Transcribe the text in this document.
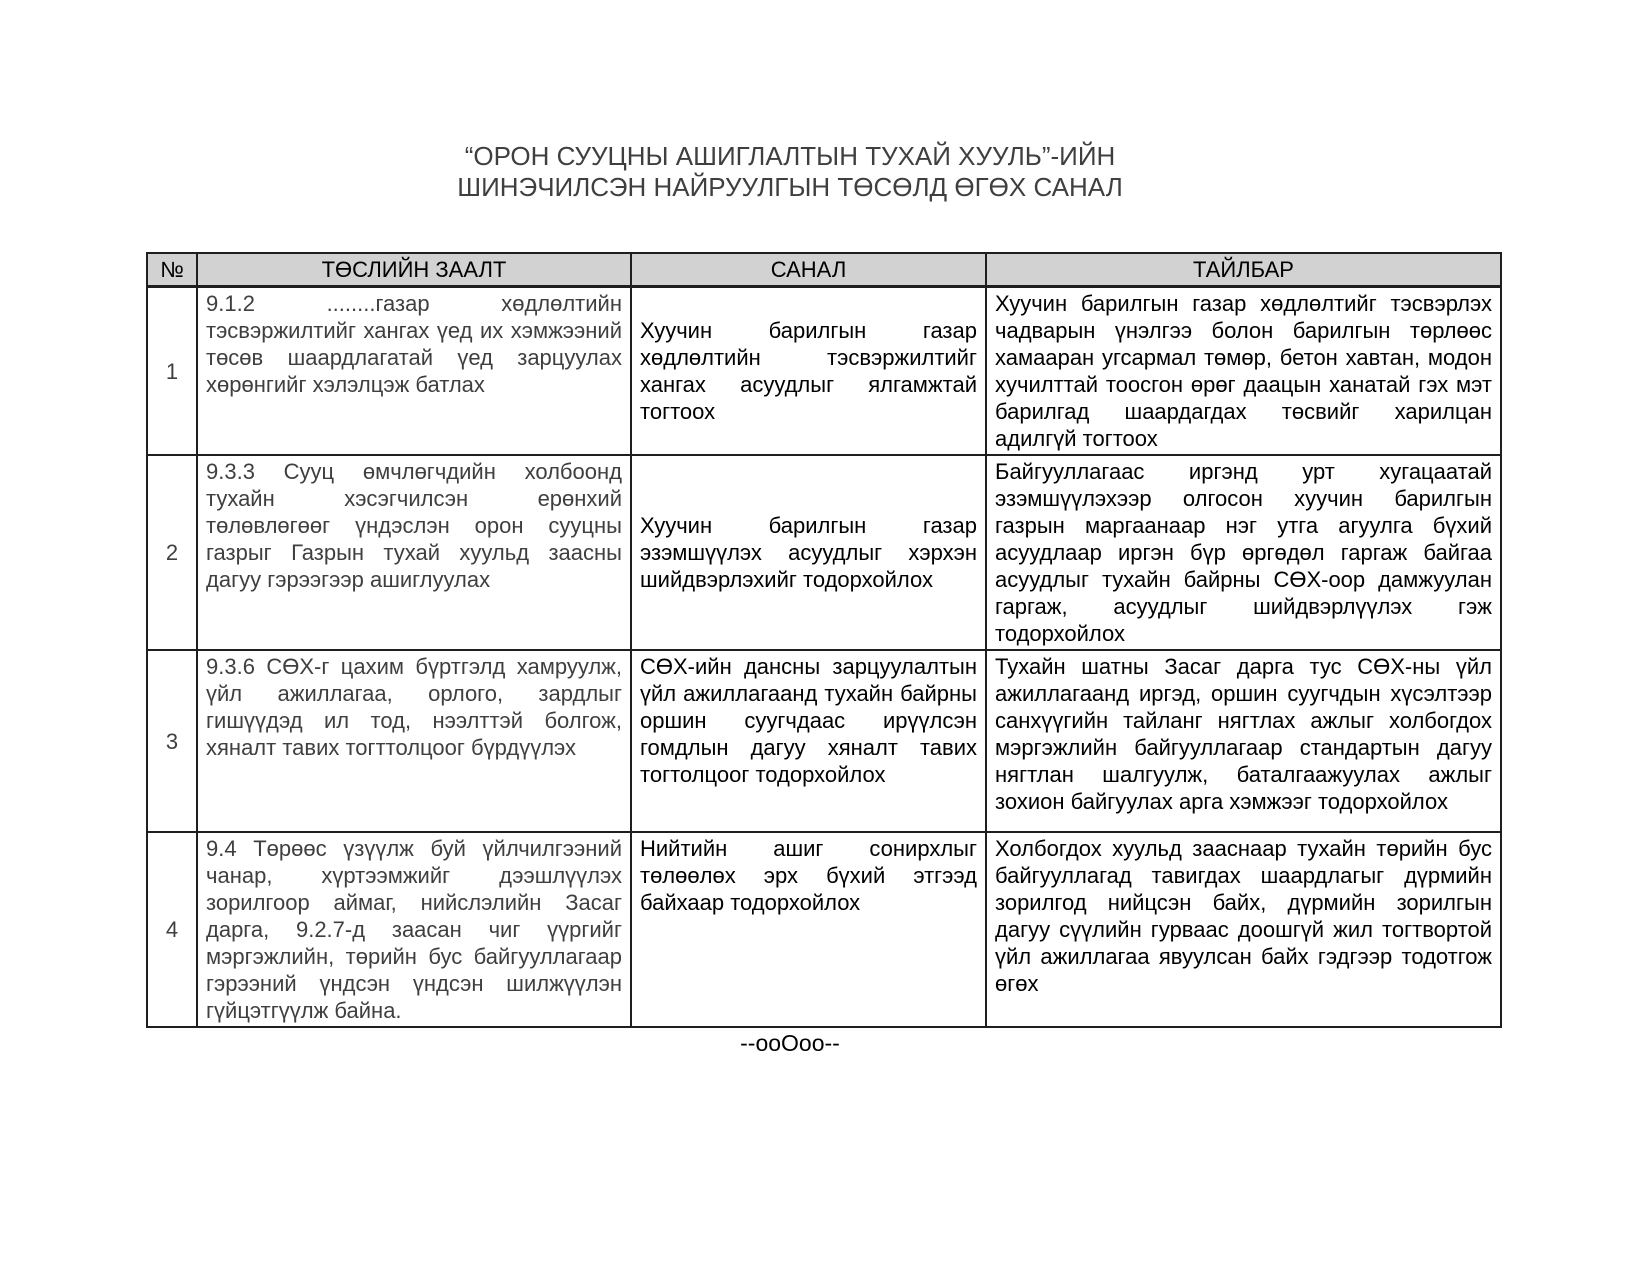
“ОРОН СУУЦНЫ АШИГЛАЛТЫН ТУХАЙ ХУУЛЬ”-ИЙН
ШИНЭЧИЛСЭН НАЙРУУЛГЫН ТӨСӨЛД ӨГӨХ САНАЛ
№	ТӨСЛИЙН ЗААЛТ	САНАЛ	ТАЙЛБАР
1	9.1.2 ........газар хөдлөлтийн тэсвэржилтийг хангах үед их хэмжээний төсөв шаардлагатай үед зарцуулах хөрөнгийг хэлэлцэж батлах	Хуучин барилгын газар хөдлөлтийн тэсвэржилтийг хангах асуудлыг ялгамжтай тогтоох	Хуучин барилгын газар хөдлөлтийг тэсвэрлэх чадварын үнэлгээ болон барилгын төрлөөс хамааран угсармал төмөр, бетон хавтан, модон хучилттай тоосгон өрөг даацын ханатай гэх мэт барилгад шаардагдах төсвийг харилцан адилгүй тогтоох
2	9.3.3 Сууц өмчлөгчдийн холбоонд тухайн хэсэгчилсэн ерөнхий төлөвлөгөөг үндэслэн орон сууцны газрыг Газрын тухай хуульд заасны дагуу гэрээгээр ашиглуулах	Хуучин барилгын газар эзэмшүүлэх асуудлыг хэрхэн шийдвэрлэхийг тодорхойлох	Байгууллагаас иргэнд урт хугацаатай эзэмшүүлэхээр олгосон хуучин барилгын газрын маргаанаар нэг утга агуулга бүхий асуудлаар иргэн бүр өргөдөл гаргаж байгаа асуудлыг тухайн байрны СӨХ-оор дамжуулан гаргаж, асуудлыг шийдвэрлүүлэх гэж тодорхойлох
3	9.3.6 СӨХ-г цахим бүртгэлд хамруулж, үйл ажиллагаа, орлого, зардлыг гишүүдэд ил тод, нээлттэй болгож, хяналт тавих тогттолцоог бүрдүүлэх	СӨХ-ийн дансны зарцуулалтын үйл ажиллагаанд тухайн байрны оршин суугчдаас ирүүлсэн гомдлын дагуу хяналт тавих тогтолцоог тодорхойлох	Тухайн шатны Засаг дарга тус СӨХ-ны үйл ажиллагаанд иргэд, оршин суугчдын хүсэлтээр санхүүгийн тайланг нягтлах ажлыг холбогдох мэргэжлийн байгууллагаар стандартын дагуу нягтлан шалгуулж, баталгаажуулах ажлыг зохион байгуулах арга хэмжээг тодорхойлох
4	9.4 Төрөөс үзүүлж буй үйлчилгээний чанар, хүртээмжийг дээшлүүлэх зорилгоор аймаг, нийслэлийн Засаг дарга, 9.2.7-д заасан чиг үүргийг мэргэжлийн, төрийн бус байгууллагаар гэрээний үндсэн үндсэн шилжүүлэн гүйцэтгүүлж байна.	Нийтийн ашиг сонирхлыг төлөөлөх эрх бүхий этгээд байхаар тодорхойлох	Холбогдох хуульд зааснаар тухайн төрийн бус байгууллагад тавигдах шаардлагыг дүрмийн зорилгод нийцсэн байх, дүрмийн зорилгын дагуу сүүлийн гурваас доошгүй жил тогтвортой үйл ажиллагаа явуулсан байх гэдгээр тодотгож өгөх
--ооОоо--
